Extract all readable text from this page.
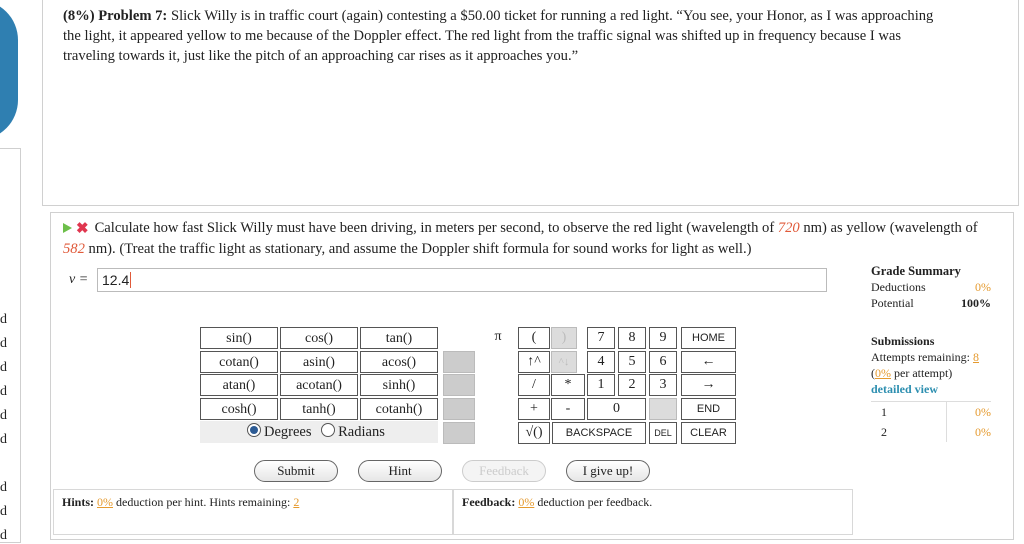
d
d
d
d
d
d
d
d
d
(8%) Problem 7: Slick Willy is in traffic court (again) contesting a $50.00 ticket for running a red light. “You see, your Honor, as I was approaching the light, it appeared yellow to me because of the Doppler effect. The red light from the traffic signal was shifted up in frequency because I was traveling towards it, just like the pitch of an approaching car rises as it approaches you.”
✖ Calculate how fast Slick Willy must have been driving, in meters per second, to observe the red light (wavelength of 720 nm) as yellow (wavelength of 582 nm). (Treat the traffic light as stationary, and assume the Doppler shift formula for sound works for light as well.)
v = 12.4
Grade Summary
Deductions	0%
Potential	100%
Submissions
Attempts remaining: 8
(0% per attempt)
detailed view
1	0%
2	0%
sin()	cos()	tan()
cotan()	asin()	acos()
atan()	acotan()	sinh()
cosh()	tanh()	cotanh()
Degrees Radians
π	(	)
↑^	^↓
/	*
+	-
√()
7	8	9
4	5	6
1	2	3
0
HOME
←
→
END
BACKSPACE	DEL	CLEAR
Submit	Hint	Feedback	I give up!
Hints: 0% deduction per hint. Hints remaining: 2	Feedback: 0% deduction per feedback.
